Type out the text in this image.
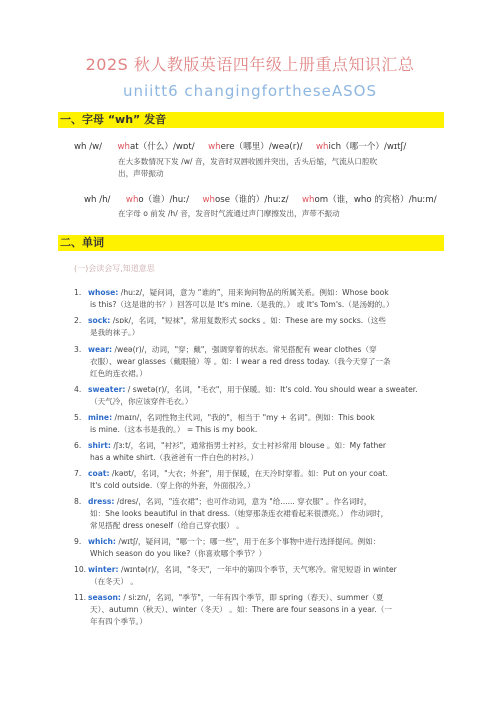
202S 秋人教版英语四年级上册重点知识汇总
uniitt6 changingfortheseASOS
一、字母 “wh” 发音
wh /w/ what（什么）/wɒt/ where（哪里）/weə(r)/ which（哪一个）/wɪtʃ/
在大多数情况下发 /w/ 音，发音时双唇收圆并突出，舌头后缩，气流从口腔吹
出，声带振动
wh /h/ who（谁）/huː/ whose（谁的）/huːz/ whom（谁，who 的宾格）/huːm/
在字母 o 前发 /h/ 音，发音时气流通过声门摩擦发出，声带不振动
二、单词
(一)会读会写,知道意思
1. whose: /huːz/，疑问词，意为 “谁的”，用来询问物品的所属关系。例如：Whose book
is this?（这是谁的书？）回答可以是 It's mine.（是我的。） 或 It's Tom's.（是汤姆的。）
2. sock: /sɒk/，名词，"短袜"，常用复数形式 socks 。如：These are my socks.（这些
是我的袜子。）
3. wear: /weə(r)/，动词，"穿；戴"，强调穿着的状态。常见搭配有 wear clothes（穿
衣服）、wear glasses（戴眼镜）等 。如：I wear a red dress today.（我今天穿了一条
红色的连衣裙。）
4. sweater: / swetə(r)/，名词，"毛衣"，用于保暖。如：It's cold. You should wear a sweater.
（天气冷，你应该穿件毛衣。）
5. mine: /maɪn/，名词性物主代词，"我的"，相当于 "my + 名词"。例如：This book
is mine.（这本书是我的。） = This is my book.
6. shirt: /ʃɜːt/，名词，"衬衫"，通常指男士衬衫，女士衬衫常用 blouse 。如：My father
has a white shirt.（我爸爸有一件白色的衬衫。）
7. coat: /kəʊt/，名词，"大衣；外套"，用于保暖，在天冷时穿着。如：Put on your coat.
It's cold outside.（穿上你的外套，外面很冷。）
8. dress: /dres/，名词，"连衣裙"；也可作动词，意为 "给...... 穿衣服" 。作名词时，
如：She looks beautiful in that dress.（她穿那条连衣裙看起来很漂亮。） 作动词时，
常见搭配 dress oneself（给自己穿衣服） 。
9. which: /wɪtʃ/，疑问词，"哪一个；哪一些"，用于在多个事物中进行选择提问。例如：
Which season do you like?（你喜欢哪个季节？）
10. winter: /wɪntə(r)/，名词，"冬天"，一年中的第四个季节，天气寒冷。常见短语 in winter
（在冬天） 。
11. season: / siːzn/，名词，"季节"，一年有四个季节，即 spring（春天）、summer（夏
天）、autumn（秋天）、winter（冬天） 。如：There are four seasons in a year.（一
年有四个季节。）
